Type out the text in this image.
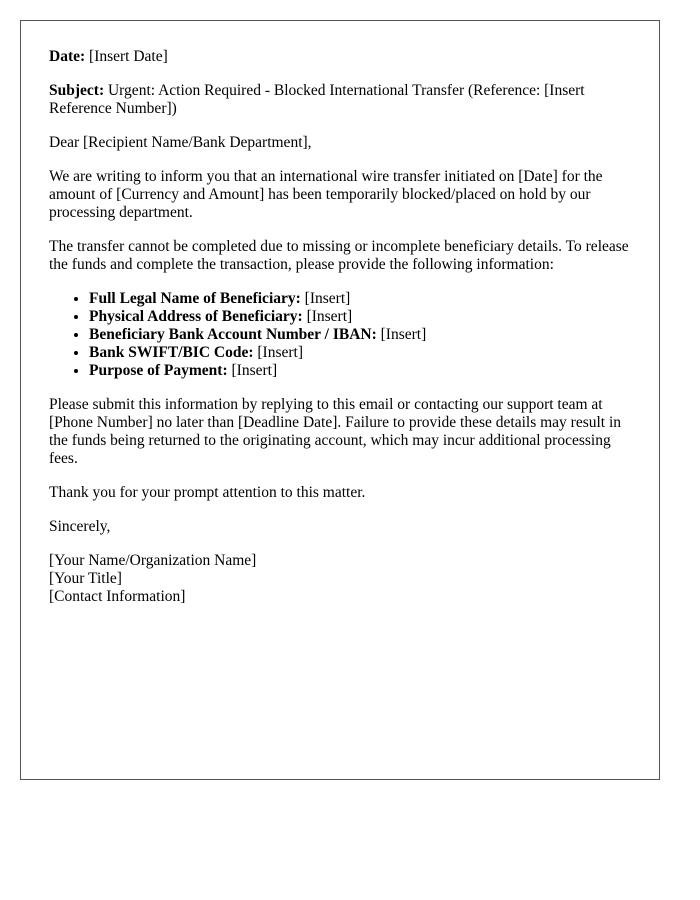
Date: [Insert Date]

Subject: Urgent: Action Required - Blocked International Transfer (Reference: [Insert Reference Number])

Dear [Recipient Name/Bank Department],

We are writing to inform you that an international wire transfer initiated on [Date] for the amount of [Currency and Amount] has been temporarily blocked/placed on hold by our processing department.

The transfer cannot be completed due to missing or incomplete beneficiary details. To release the funds and complete the transaction, please provide the following information:

• Full Legal Name of Beneficiary: [Insert]
• Physical Address of Beneficiary: [Insert]
• Beneficiary Bank Account Number / IBAN: [Insert]
• Bank SWIFT/BIC Code: [Insert]
• Purpose of Payment: [Insert]

Please submit this information by replying to this email or contacting our support team at [Phone Number] no later than [Deadline Date]. Failure to provide these details may result in the funds being returned to the originating account, which may incur additional processing fees.

Thank you for your prompt attention to this matter.

Sincerely,

[Your Name/Organization Name]
[Your Title]
[Contact Information]
